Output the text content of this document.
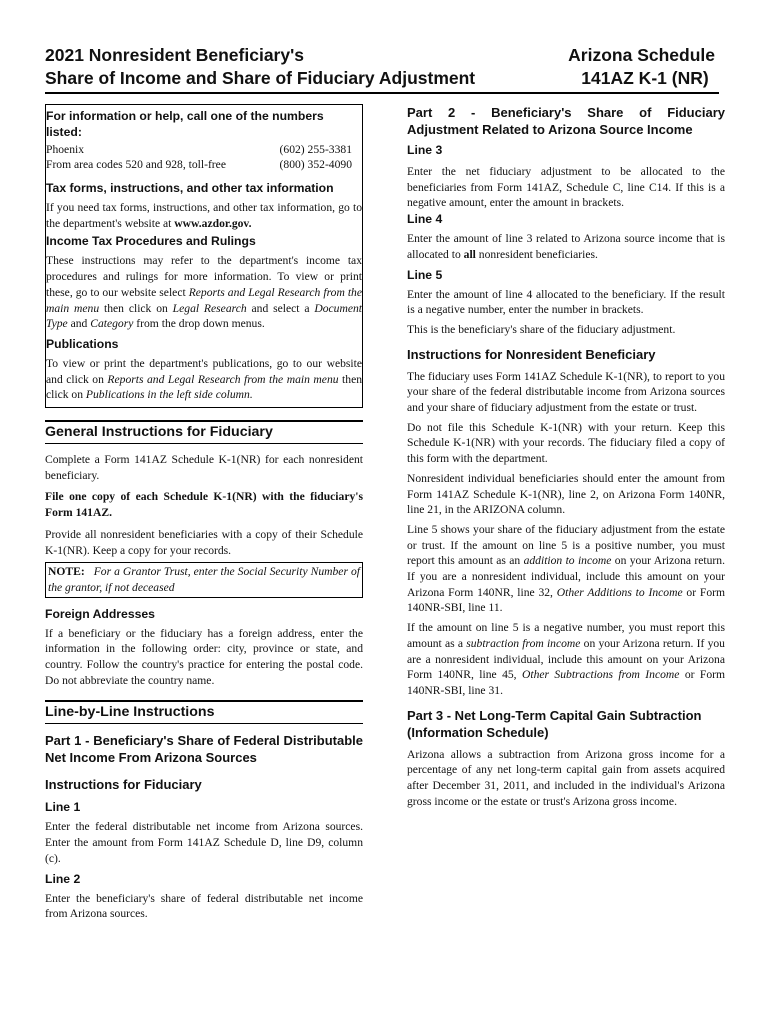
2021 Nonresident Beneficiary's
Share of Income and Share of Fiduciary Adjustment
Arizona Schedule
141AZ K-1 (NR)

For information or help, call one of the numbers listed:

Phoenix	(602) 255-3381
From area codes 520 and 928, toll-free	(800) 352-4090

Tax forms, instructions, and other tax information

If you need tax forms, instructions, and other tax information, go to the department's website at www.azdor.gov.

Income Tax Procedures and Rulings

These instructions may refer to the department's income tax procedures and rulings for more information. To view or print these, go to our website select Reports and Legal Research from the main menu then click on Legal Research and select a Document Type and Category from the drop down menus.

Publications

To view or print the department's publications, go to our website and click on Reports and Legal Research from the main menu then click on Publications in the left side column.

General Instructions for Fiduciary

Complete a Form 141AZ Schedule K-1(NR) for each nonresident beneficiary.

File one copy of each Schedule K-1(NR) with the fiduciary's Form 141AZ.

Provide all nonresident beneficiaries with a copy of their Schedule K-1(NR). Keep a copy for your records.

NOTE: For a Grantor Trust, enter the Social Security Number of the grantor, if not deceased

Foreign Addresses

If a beneficiary or the fiduciary has a foreign address, enter the information in the following order: city, province or state, and country. Follow the country's practice for entering the postal code. Do not abbreviate the country name.

Line-by-Line Instructions

Part 1 - Beneficiary's Share of Federal Distributable Net Income From Arizona Sources

Instructions for Fiduciary

Line 1

Enter the federal distributable net income from Arizona sources. Enter the amount from Form 141AZ Schedule D, line D9, column (c).

Line 2

Enter the beneficiary's share of federal distributable net income from Arizona sources.

Part 2 - Beneficiary's Share of Fiduciary Adjustment Related to Arizona Source Income

Line 3

Enter the net fiduciary adjustment to be allocated to the beneficiaries from Form 141AZ, Schedule C, line C14. If this is a negative amount, enter the amount in brackets.

Line 4

Enter the amount of line 3 related to Arizona source income that is allocated to all nonresident beneficiaries.

Line 5

Enter the amount of line 4 allocated to the beneficiary. If the result is a negative number, enter the number in brackets.

This is the beneficiary's share of the fiduciary adjustment.

Instructions for Nonresident Beneficiary

The fiduciary uses Form 141AZ Schedule K-1(NR), to report to you your share of the federal distributable income from Arizona sources and your share of fiduciary adjustment from the estate or trust.

Do not file this Schedule K-1(NR) with your return. Keep this Schedule K-1(NR) with your records. The fiduciary filed a copy of this form with the department.

Nonresident individual beneficiaries should enter the amount from Form 141AZ Schedule K-1(NR), line 2, on Arizona Form 140NR, line 21, in the ARIZONA column.

Line 5 shows your share of the fiduciary adjustment from the estate or trust. If the amount on line 5 is a positive number, you must report this amount as an addition to income on your Arizona return. If you are a nonresident individual, include this amount on your Arizona Form 140NR, line 32, Other Additions to Income or Form 140NR-SBI, line 11.

If the amount on line 5 is a negative number, you must report this amount as a subtraction from income on your Arizona return. If you are a nonresident individual, include this amount on your Arizona Form 140NR, line 45, Other Subtractions from Income or Form 140NR-SBI, line 31.

Part 3 - Net Long-Term Capital Gain Subtraction (Information Schedule)

Arizona allows a subtraction from Arizona gross income for a percentage of any net long-term capital gain from assets acquired after December 31, 2011, and included in the individual's Arizona gross income or the estate or trust's Arizona gross income.
